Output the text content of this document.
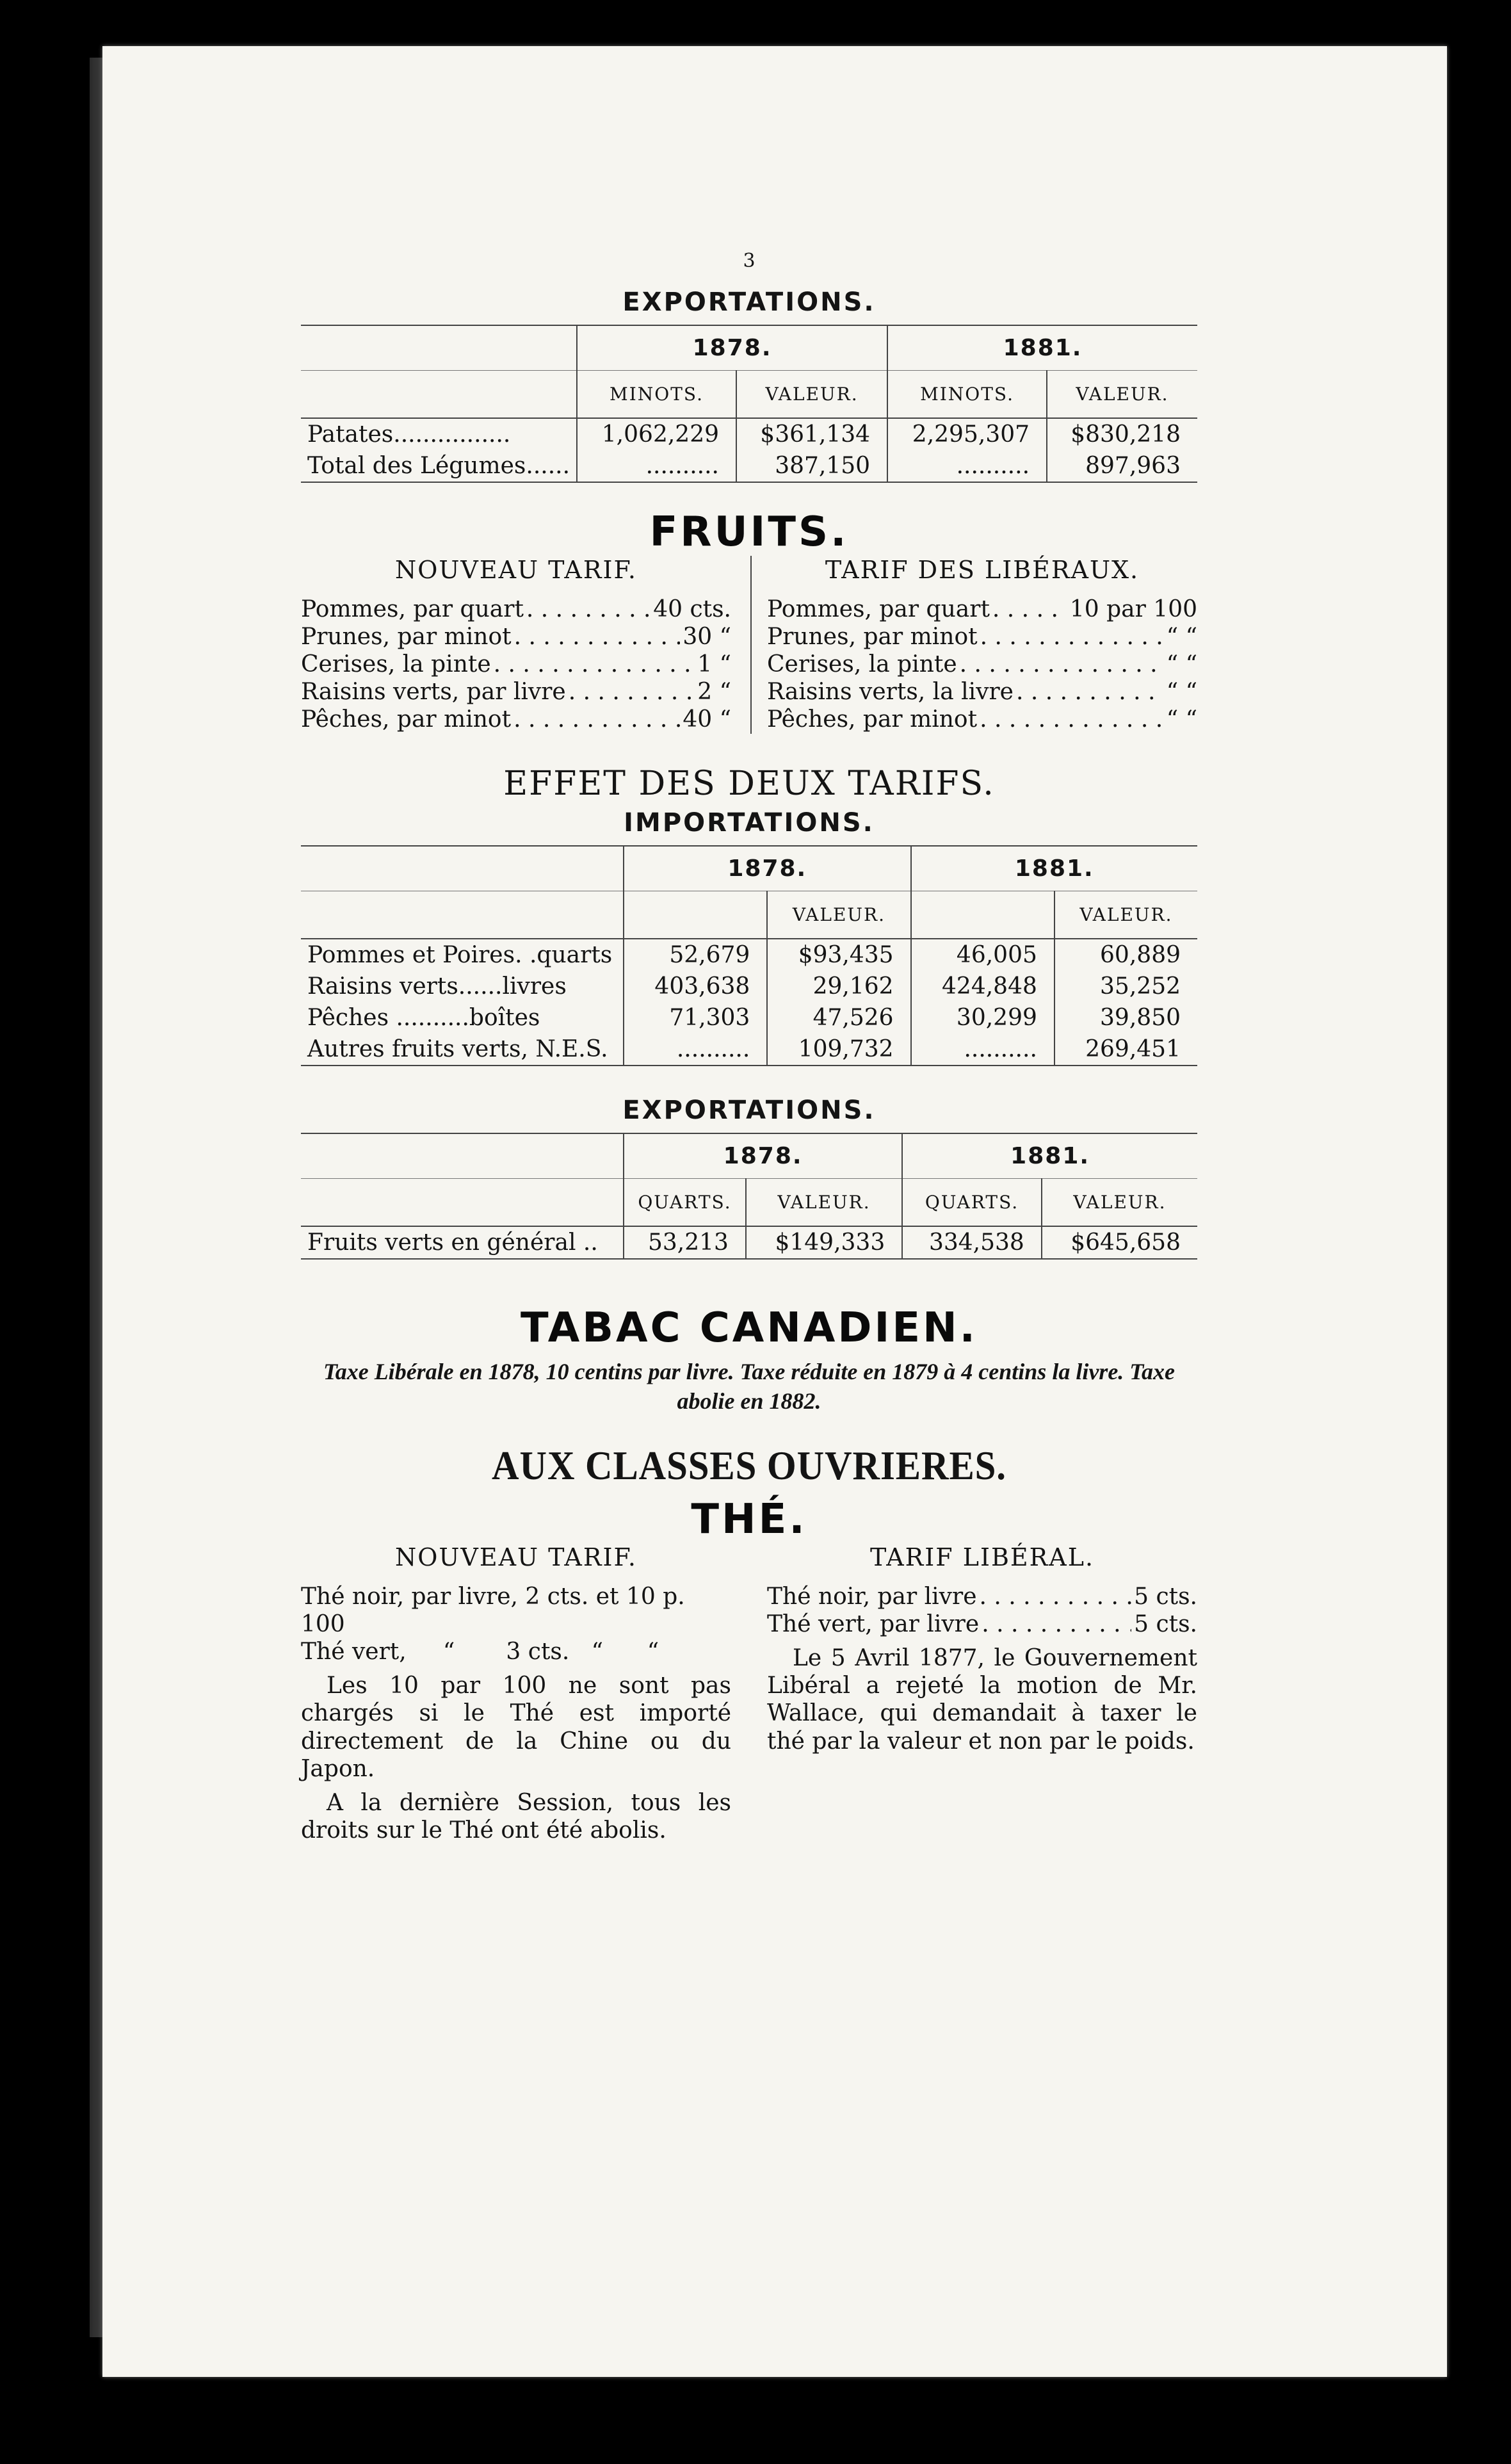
3
EXPORTATIONS.
	1878.		1881.	
	MINOTS.	VALEUR.	MINOTS.	VALEUR.
Patates................	1,062,229	$361,134	2,295,307	$830,218
Total des Légumes......	..........	387,150	..........	897,963
FRUITS.
NOUVEAU TARIF.
Pommes, par quart . . .	40 cts.
Prunes, par minot . . .	30 “
Cerises, la pinte . . .	1 “
Raisins verts, par livre . . .	2 “
Pêches, par minot . . .	40 “
TARIF DES LIBÉRAUX.
Pommes, par quart . . .	10 par 100
Prunes, par minot . . .	“ “
Cerises, la pinte . . .	“ “
Raisins verts, la livre . . .	“ “
Pêches, par minot . . .	“ “
EFFET DES DEUX TARIFS.
IMPORTATIONS.
	1878.		1881.	
		VALEUR.		VALEUR.
Pommes et Poires. .quarts	52,679	$93,435	46,005	60,889
Raisins verts......livres	403,638	29,162	424,848	35,252
Pêches ..........boîtes	71,303	47,526	30,299	39,850
Autres fruits verts, N.E.S.	..........	109,732	..........	269,451
EXPORTATIONS.
	1878.		1881.	
	QUARTS.	VALEUR.	QUARTS.	VALEUR.
Fruits verts en général ..	53,213	$149,333	334,538	$645,658
TABAC CANADIEN.
Taxe Libérale en 1878, 10 centins par livre. Taxe réduite en 1879 à 4 centins la livre. Taxe abolie en 1882.
AUX CLASSES OUVRIERES.
THÉ.
NOUVEAU TARIF.
Thé noir, par livre, 2 cts. et 10 p. 100
Thé vert,     “       3 cts.   “      “

Les 10 par 100 ne sont pas chargés si le Thé est importé directement de la Chine ou du Japon.

A la dernière Session, tous les droits sur le Thé ont été abolis.

TARIF LIBÉRAL.
Thé noir, par livre . . .	5 cts.
Thé vert, par livre . . .	5 cts.

Le 5 Avril 1877, le Gouvernement Libéral a rejeté la motion de Mr. Wallace, qui demandait à taxer le thé par la valeur et non par le poids.
